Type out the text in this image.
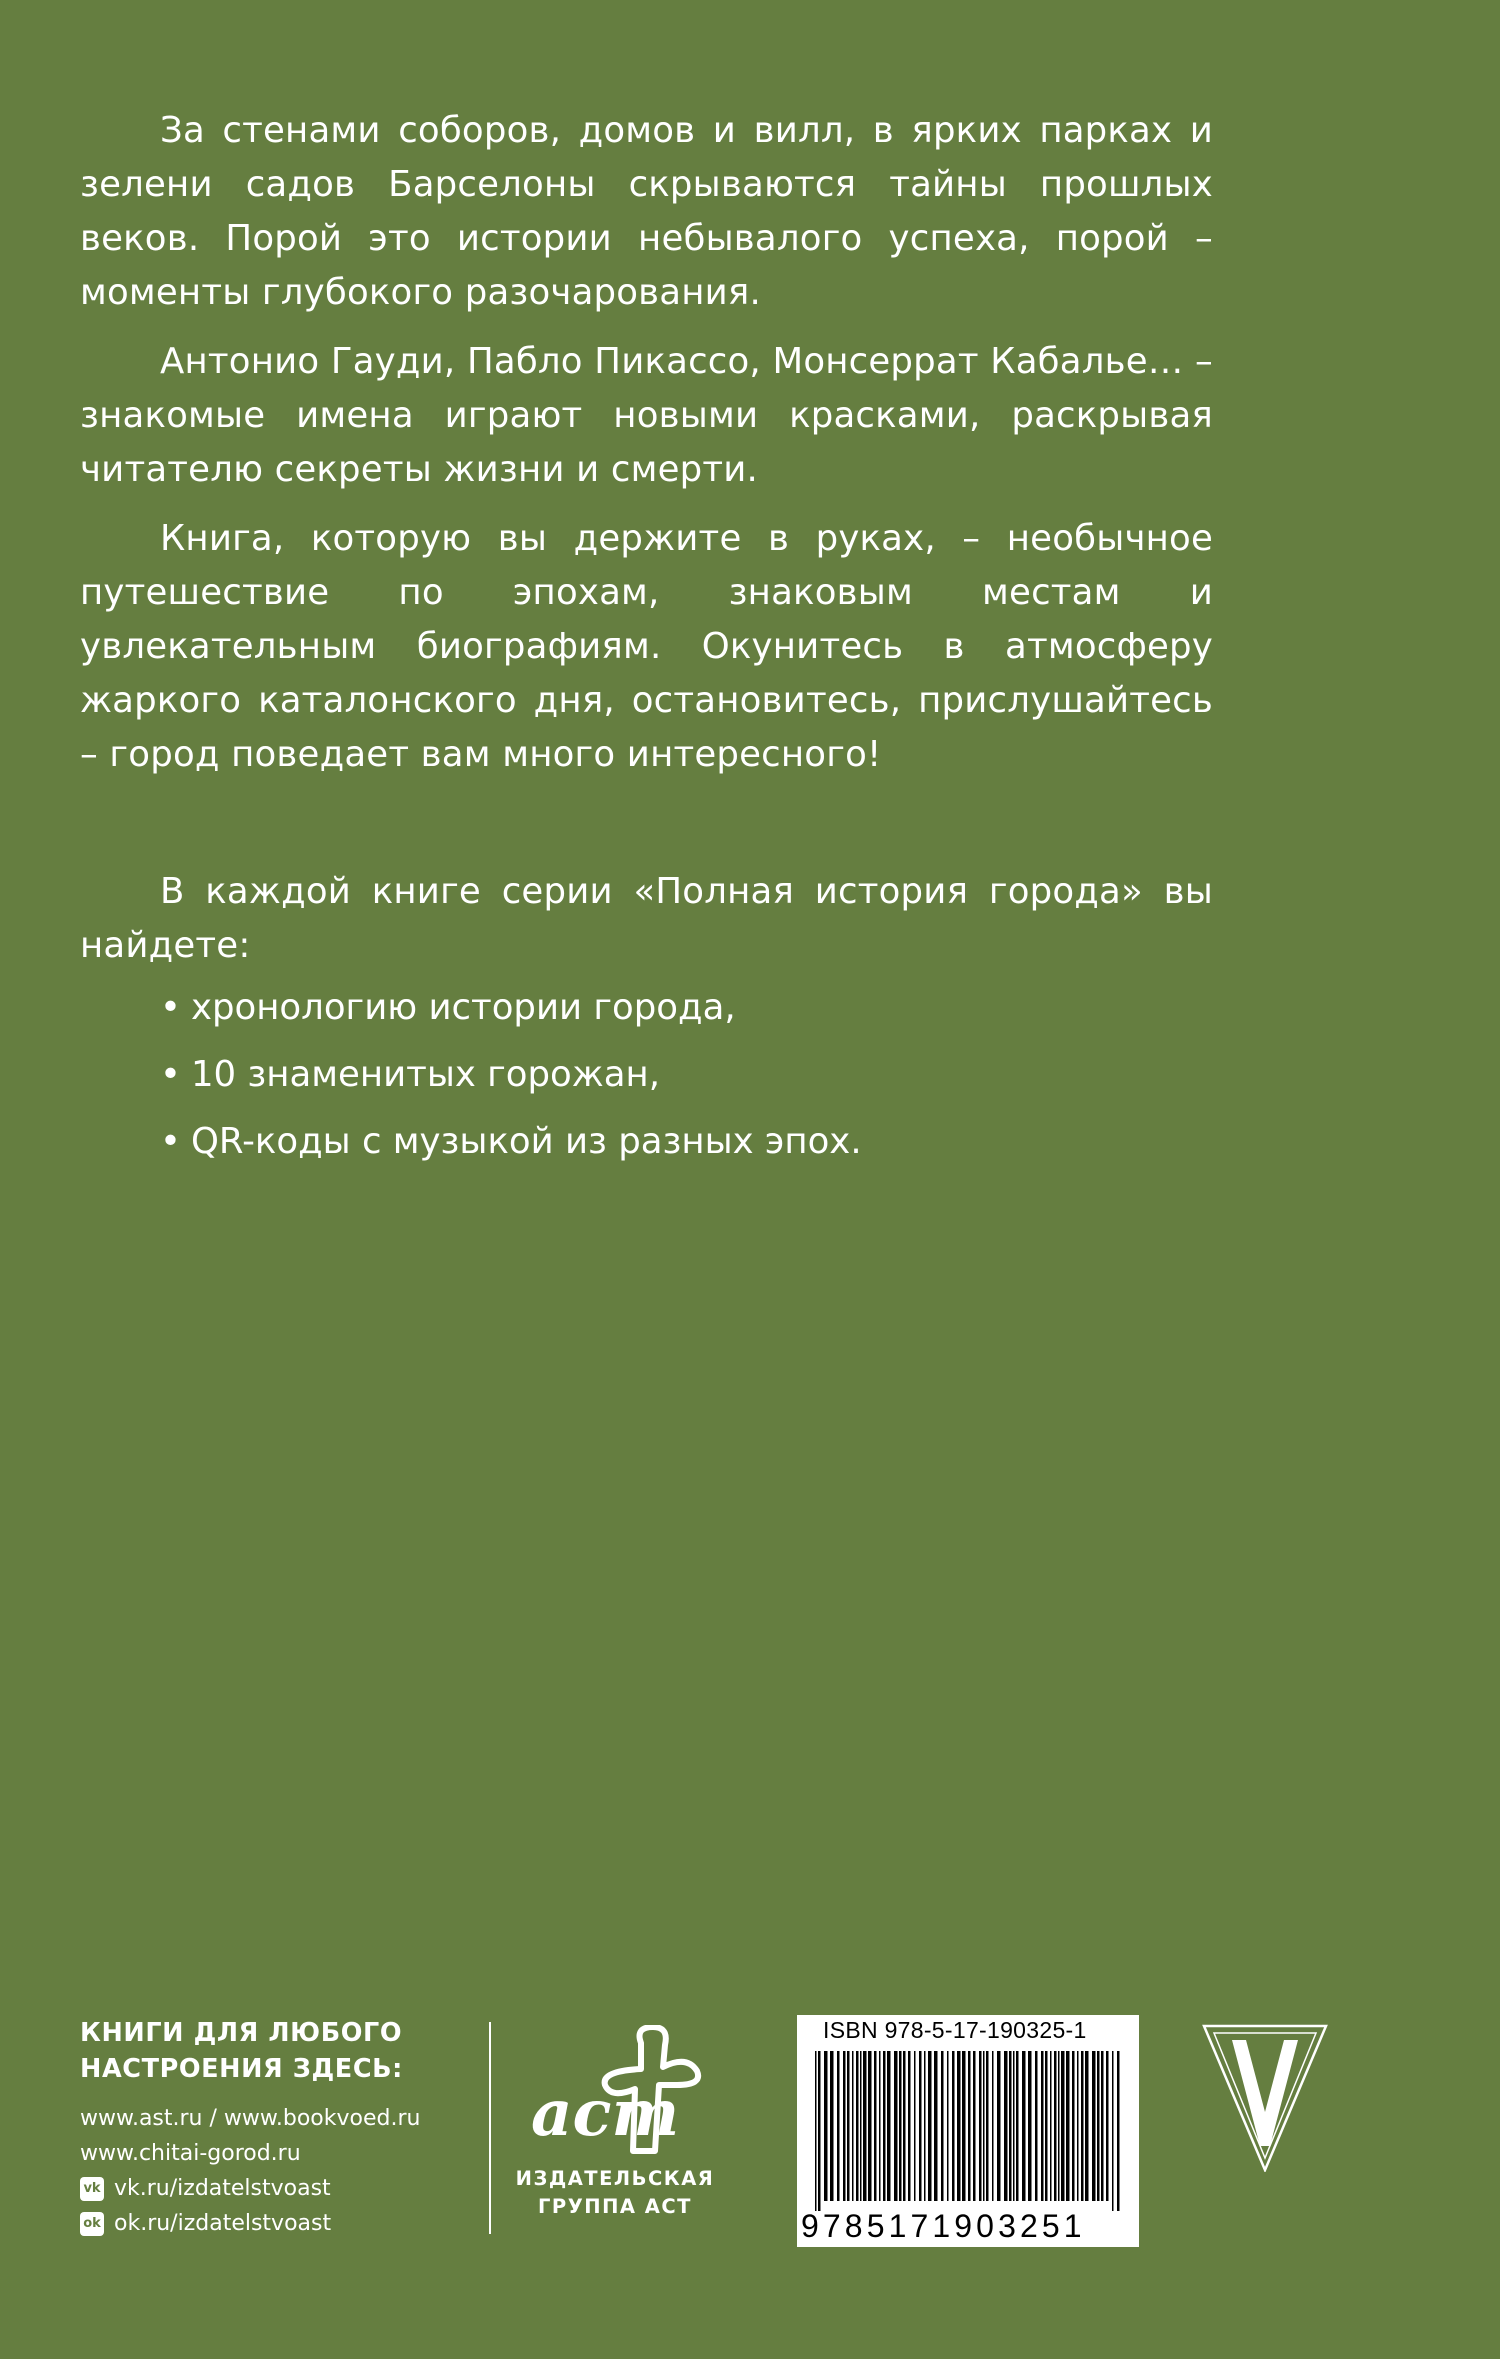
За стенами соборов, домов и вилл, в ярких парках и зелени садов Барселоны скрываются тайны прошлых веков. Порой это истории небывалого успеха, порой – моменты глубокого разочарования.

Антонио Гауди, Пабло Пикассо, Монсеррат Кабалье… – знакомые имена играют новыми красками, раскрывая читателю секреты жизни и смерти.

Книга, которую вы держите в руках, – необычное путешествие по эпохам, знаковым местам и увлекательным биографиям. Окунитесь в атмосферу жаркого каталонского дня, остановитесь, прислушайтесь – город поведает вам много интересного!

В каждой книге серии «Полная история города» вы найдете:

• хронологию истории города,
• 10 знаменитых горожан,
• QR-коды с музыкой из разных эпох.
КНИГИ ДЛЯ ЛЮБОГО
НАСТРОЕНИЯ ЗДЕСЬ:
www.ast.ru / www.bookvoed.ru
www.chitai-gorod.ru
vk vk.ru/izdatelstvoast
ok ok.ru/izdatelstvoast
аст
ИЗДАТЕЛЬСКАЯ
ГРУППА АСТ
ISBN 978-5-17-190325-1
9785171903251
